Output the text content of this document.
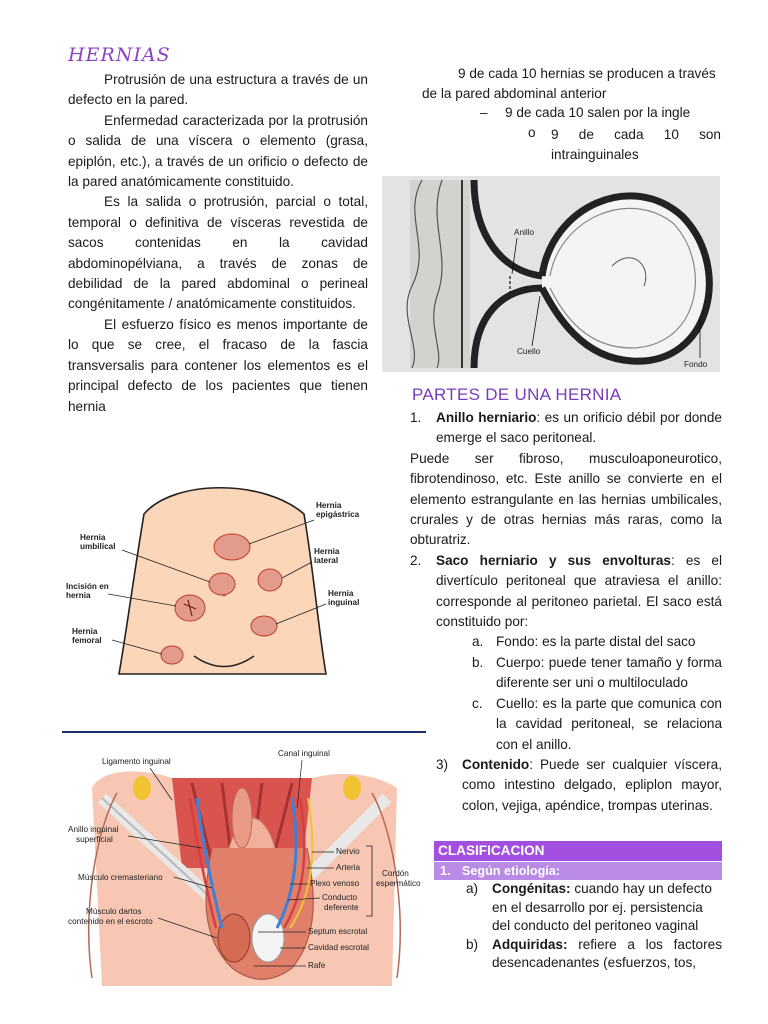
HERNIAS

Protrusión de una estructura a través de un defecto en la pared.

Enfermedad caracterizada por la protrusión o salida de una víscera o elemento (grasa, epiplón, etc.), a través de un orificio o defecto de la pared anatómicamente constituido.

Es la salida o protrusión, parcial o total, temporal o definitiva de vísceras revestida de sacos contenidas en la cavidad abdominopélviana, a través de zonas de debilidad de la pared abdominal o perineal congénitamente / anatómicamente constituidos.

El esfuerzo físico es menos importante de lo que se cree, el fracaso de la fascia transversalis para contener los elementos es el principal defecto de los pacientes que tienen hernia

9 de cada 10 hernias se producen a través de la pared abdominal anterior
– 9 de cada 10 salen por la ingle
o 9 de cada 10 son intrainguinales
Anillo
Cuello
Fondo
Hernia epigástrica
Hernia umbilical
Hernia lateral
Incisión en hernia	Hernia inguinal
Hernia femoral
Ligamento inguinal
Canal inguinal
Anillo inguinal superficial
Músculo cremasteriano
Músculo dartos contenido en el escroto
Nervio
Arteria
Plexo venoso
Conducto deferente
Cordón espermático
Septum escrotal
Cavidad escrotal
Rafe
PARTES DE UNA HERNIA
1.	Anillo herniario: es un orificio débil por donde emerge el saco peritoneal.
Puede ser fibroso, musculoaponeurotico, fibrotendinoso, etc. Este anillo se convierte en el elemento estrangulante en las hernias umbilicales, crurales y de otras hernias más raras, como la obturatriz.
2.	Saco herniario y sus envolturas: es el divertículo peritoneal que atraviesa el anillo: corresponde al peritoneo parietal. El saco está constituido por:
a. Fondo: es la parte distal del saco
b. Cuerpo: puede tener tamaño y forma diferente ser uni o multiloculado
c. Cuello: es la parte que comunica con la cavidad peritoneal, se relaciona con el anillo.
3)	Contenido: Puede ser cualquier víscera, como intestino delgado, epliplon mayor, colon, vejiga, apéndice, trompas uterinas.
CLASIFICACION
1. Según etiología:
a)	Congénitas: cuando hay un defecto en el desarrollo por ej. persistencia del conducto del peritoneo vaginal
b)	Adquiridas: refiere a los factores desencadenantes (esfuerzos, tos,
